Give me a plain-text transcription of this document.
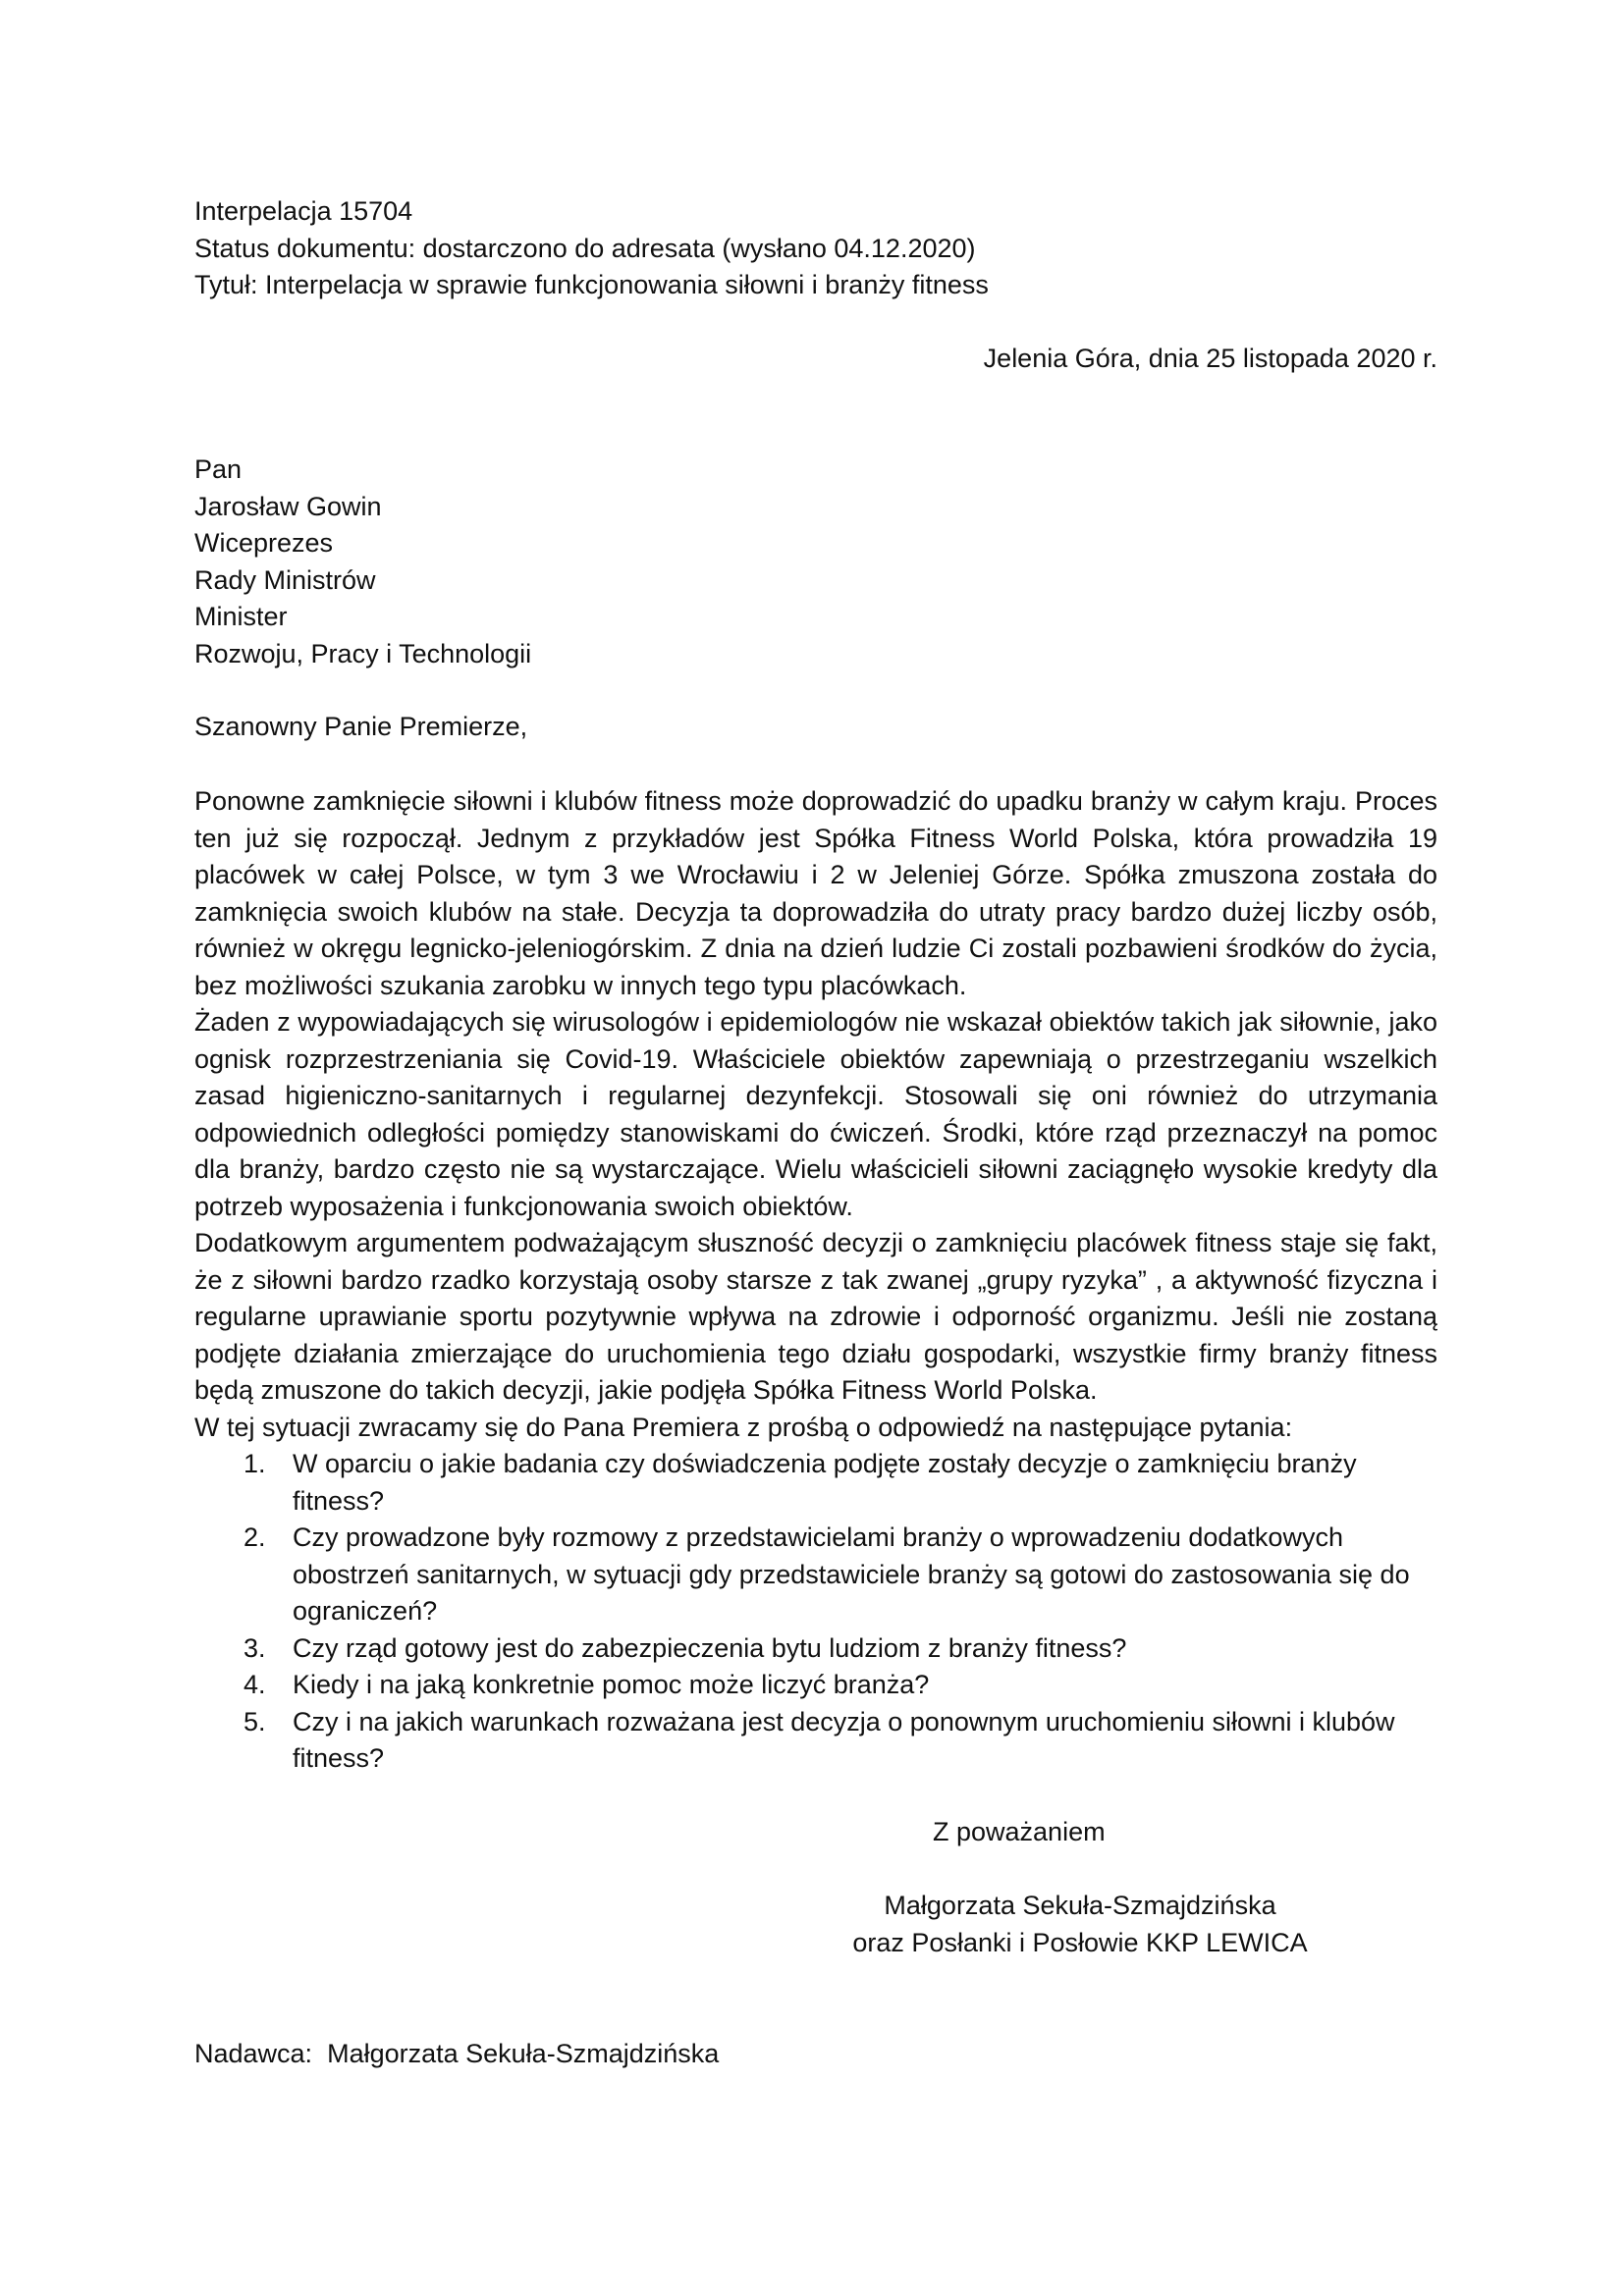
Interpelacja 15704
Status dokumentu: dostarczono do adresata (wysłano 04.12.2020)
Tytuł: Interpelacja w sprawie funkcjonowania siłowni i branży fitness
Jelenia Góra, dnia 25 listopada 2020 r.
Pan
Jarosław Gowin
Wiceprezes
Rady Ministrów
Minister
Rozwoju, Pracy i Technologii
Szanowny Panie Premierze,

Ponowne zamknięcie siłowni i klubów fitness może doprowadzić do upadku branży w całym kraju. Proces ten już się rozpoczął. Jednym z przykładów jest Spółka Fitness World Polska, która prowadziła 19 placówek w całej Polsce, w tym 3 we Wrocławiu i 2 w Jeleniej Górze. Spółka zmuszona została do zamknięcia swoich klubów na stałe. Decyzja ta doprowadziła do utraty pracy bardzo dużej liczby osób, również w okręgu legnicko-jeleniogórskim. Z dnia na dzień ludzie Ci zostali pozbawieni środków do życia, bez możliwości szukania zarobku w innych tego typu placówkach.

Żaden z wypowiadających się wirusologów i epidemiologów nie wskazał obiektów takich jak siłownie, jako ognisk rozprzestrzeniania się Covid-19. Właściciele obiektów zapewniają o przestrzeganiu wszelkich zasad higieniczno-sanitarnych i regularnej dezynfekcji. Stosowali się oni również do utrzymania odpowiednich odległości pomiędzy stanowiskami do ćwiczeń. Środki, które rząd przeznaczył na pomoc dla branży, bardzo często nie są wystarczające. Wielu właścicieli siłowni zaciągnęło wysokie kredyty dla potrzeb wyposażenia i funkcjonowania swoich obiektów.

Dodatkowym argumentem podważającym słuszność decyzji o zamknięciu placówek fitness staje się fakt, że z siłowni bardzo rzadko korzystają osoby starsze z tak zwanej „grupy ryzyka” , a aktywność fizyczna i regularne uprawianie sportu pozytywnie wpływa na zdrowie i odporność organizmu. Jeśli nie zostaną podjęte działania zmierzające do uruchomienia tego działu gospodarki, wszystkie firmy branży fitness będą zmuszone do takich decyzji, jakie podjęła Spółka Fitness World Polska.

W tej sytuacji zwracamy się do Pana Premiera z prośbą o odpowiedź na następujące pytania:

1. W oparciu o jakie badania czy doświadczenia podjęte zostały decyzje o zamknięciu branży fitness?
2. Czy prowadzone były rozmowy z przedstawicielami branży o wprowadzeniu dodatkowych obostrzeń sanitarnych, w sytuacji gdy przedstawiciele branży są gotowi do zastosowania się do ograniczeń?
3. Czy rząd gotowy jest do zabezpieczenia bytu ludziom z branży fitness?
4. Kiedy i na jaką konkretnie pomoc może liczyć branża?
5. Czy i na jakich warunkach rozważana jest decyzja o ponownym uruchomieniu siłowni i klubów fitness?
Z poważaniem
Małgorzata Sekuła-Szmajdzińska
oraz Posłanki i Posłowie KKP LEWICA
Nadawca:  Małgorzata Sekuła-Szmajdzińska
